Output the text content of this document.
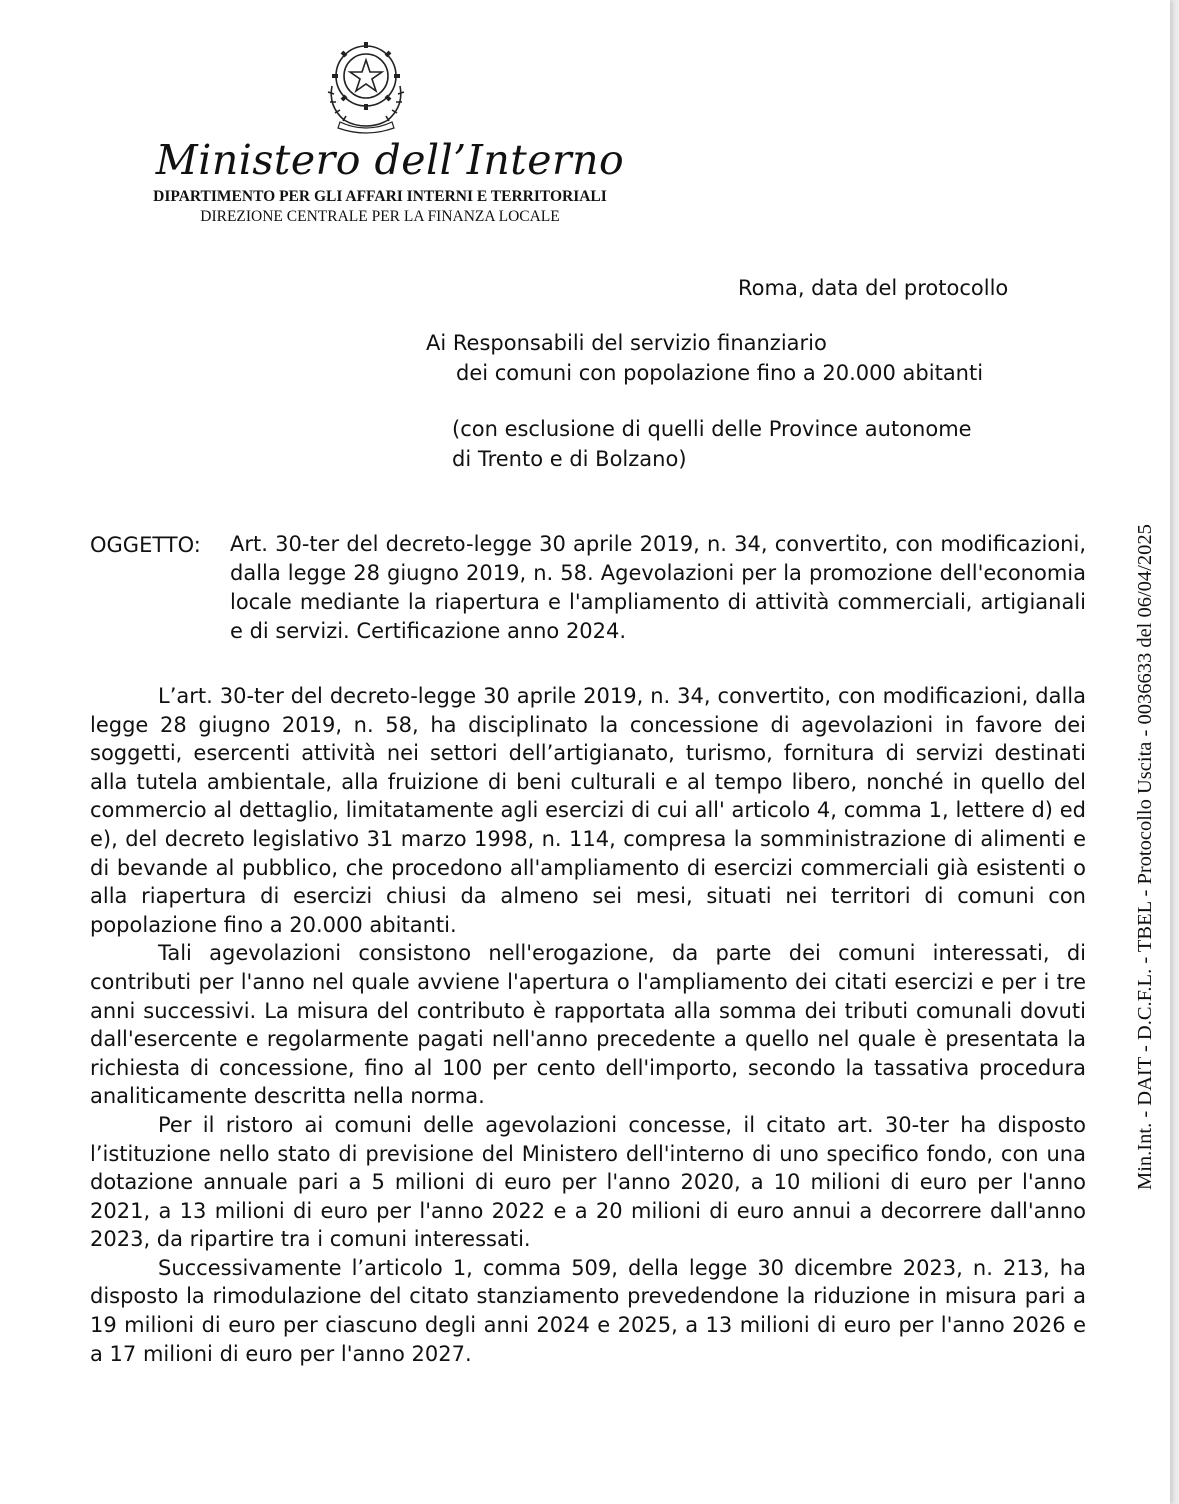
Ministero dell’Interno
DIPARTIMENTO PER GLI AFFARI INTERNI E TERRITORIALI
DIREZIONE CENTRALE PER LA FINANZA LOCALE
Roma, data del protocollo
Ai Responsabili del servizio finanziario
dei comuni con popolazione fino a 20.000 abitanti
(con esclusione di quelli delle Province autonome
di Trento e di Bolzano)
OGGETTO: Art. 30-ter del decreto-legge 30 aprile 2019, n. 34, convertito, con modificazioni, dalla legge 28 giugno 2019, n. 58. Agevolazioni per la promozione dell'economia locale mediante la riapertura e l'ampliamento di attività commerciali, artigianali e di servizi. Certificazione anno 2024.

L’art. 30-ter del decreto-legge 30 aprile 2019, n. 34, convertito, con modificazioni, dalla legge 28 giugno 2019, n. 58, ha disciplinato la concessione di agevolazioni in favore dei soggetti, esercenti attività nei settori dell’artigianato, turismo, fornitura di servizi destinati alla tutela ambientale, alla fruizione di beni culturali e al tempo libero, nonché in quello del commercio al dettaglio, limitatamente agli esercizi di cui all' articolo 4, comma 1, lettere d) ed e), del decreto legislativo 31 marzo 1998, n. 114, compresa la somministrazione di alimenti e di bevande al pubblico, che procedono all'ampliamento di esercizi commerciali già esistenti o alla riapertura di esercizi chiusi da almeno sei mesi, situati nei territori di comuni con popolazione fino a 20.000 abitanti.

Tali agevolazioni consistono nell'erogazione, da parte dei comuni interessati, di contributi per l'anno nel quale avviene l'apertura o l'ampliamento dei citati esercizi e per i tre anni successivi. La misura del contributo è rapportata alla somma dei tributi comunali dovuti dall'esercente e regolarmente pagati nell'anno precedente a quello nel quale è presentata la richiesta di concessione, fino al 100 per cento dell'importo, secondo la tassativa procedura analiticamente descritta nella norma.

Per il ristoro ai comuni delle agevolazioni concesse, il citato art. 30-ter ha disposto l’istituzione nello stato di previsione del Ministero dell'interno di uno specifico fondo, con una dotazione annuale pari a 5 milioni di euro per l'anno 2020, a 10 milioni di euro per l'anno 2021, a 13 milioni di euro per l'anno 2022 e a 20 milioni di euro annui a decorrere dall'anno 2023, da ripartire tra i comuni interessati.

Successivamente l’articolo 1, comma 509, della legge 30 dicembre 2023, n. 213, ha disposto la rimodulazione del citato stanziamento prevedendone la riduzione in misura pari a 19 milioni di euro per ciascuno degli anni 2024 e 2025, a 13 milioni di euro per l'anno 2026 e a 17 milioni di euro per l'anno 2027.

Min.Int. - DAIT - D.C.F.L. - TBEL - Protocollo Uscita - 0036633 del 06/04/2025
